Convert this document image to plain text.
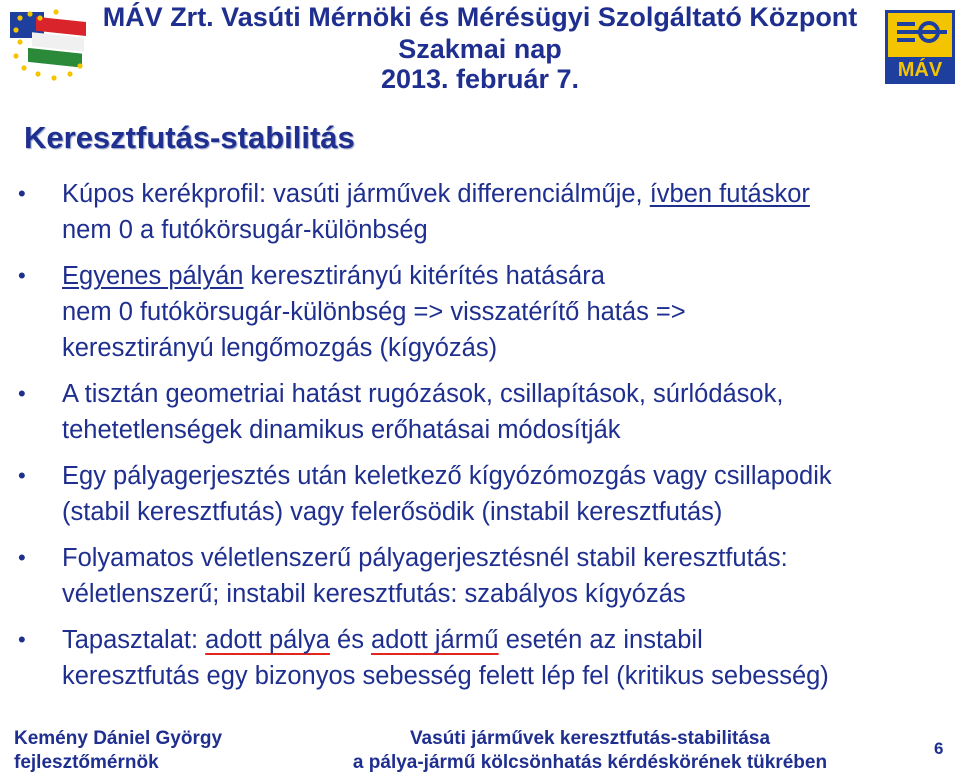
MÁV Zrt. Vasúti Mérnöki és Mérésügyi Szolgáltató Központ
Szakmai nap
2013. február 7.	MÁV
Keresztfutás-stabilitás
• Kúpos kerékprofil: vasúti járművek differenciálműje, ívben futáskor
nem 0 a futókörsugár-különbség
• Egyenes pályán keresztirányú kitérítés hatására
nem 0 futókörsugár-különbség => visszatérítő hatás =>
keresztirányú lengőmozgás (kígyózás)
• A tisztán geometriai hatást rugózások, csillapítások, súrlódások,
tehetetlenségek dinamikus erőhatásai módosítják
• Egy pályagerjesztés után keletkező kígyózómozgás vagy csillapodik
(stabil keresztfutás) vagy felerősödik (instabil keresztfutás)
• Folyamatos véletlenszerű pályagerjesztésnél stabil keresztfutás:
véletlenszerű; instabil keresztfutás: szabályos kígyózás
• Tapasztalat: adott pálya és adott jármű esetén az instabil
keresztfutás egy bizonyos sebesség felett lép fel (kritikus sebesség)
Kemény Dániel György
fejlesztőmérnök
Vasúti járművek keresztfutás-stabilitása
a pálya-jármű kölcsönhatás kérdéskörének tükrében
6
